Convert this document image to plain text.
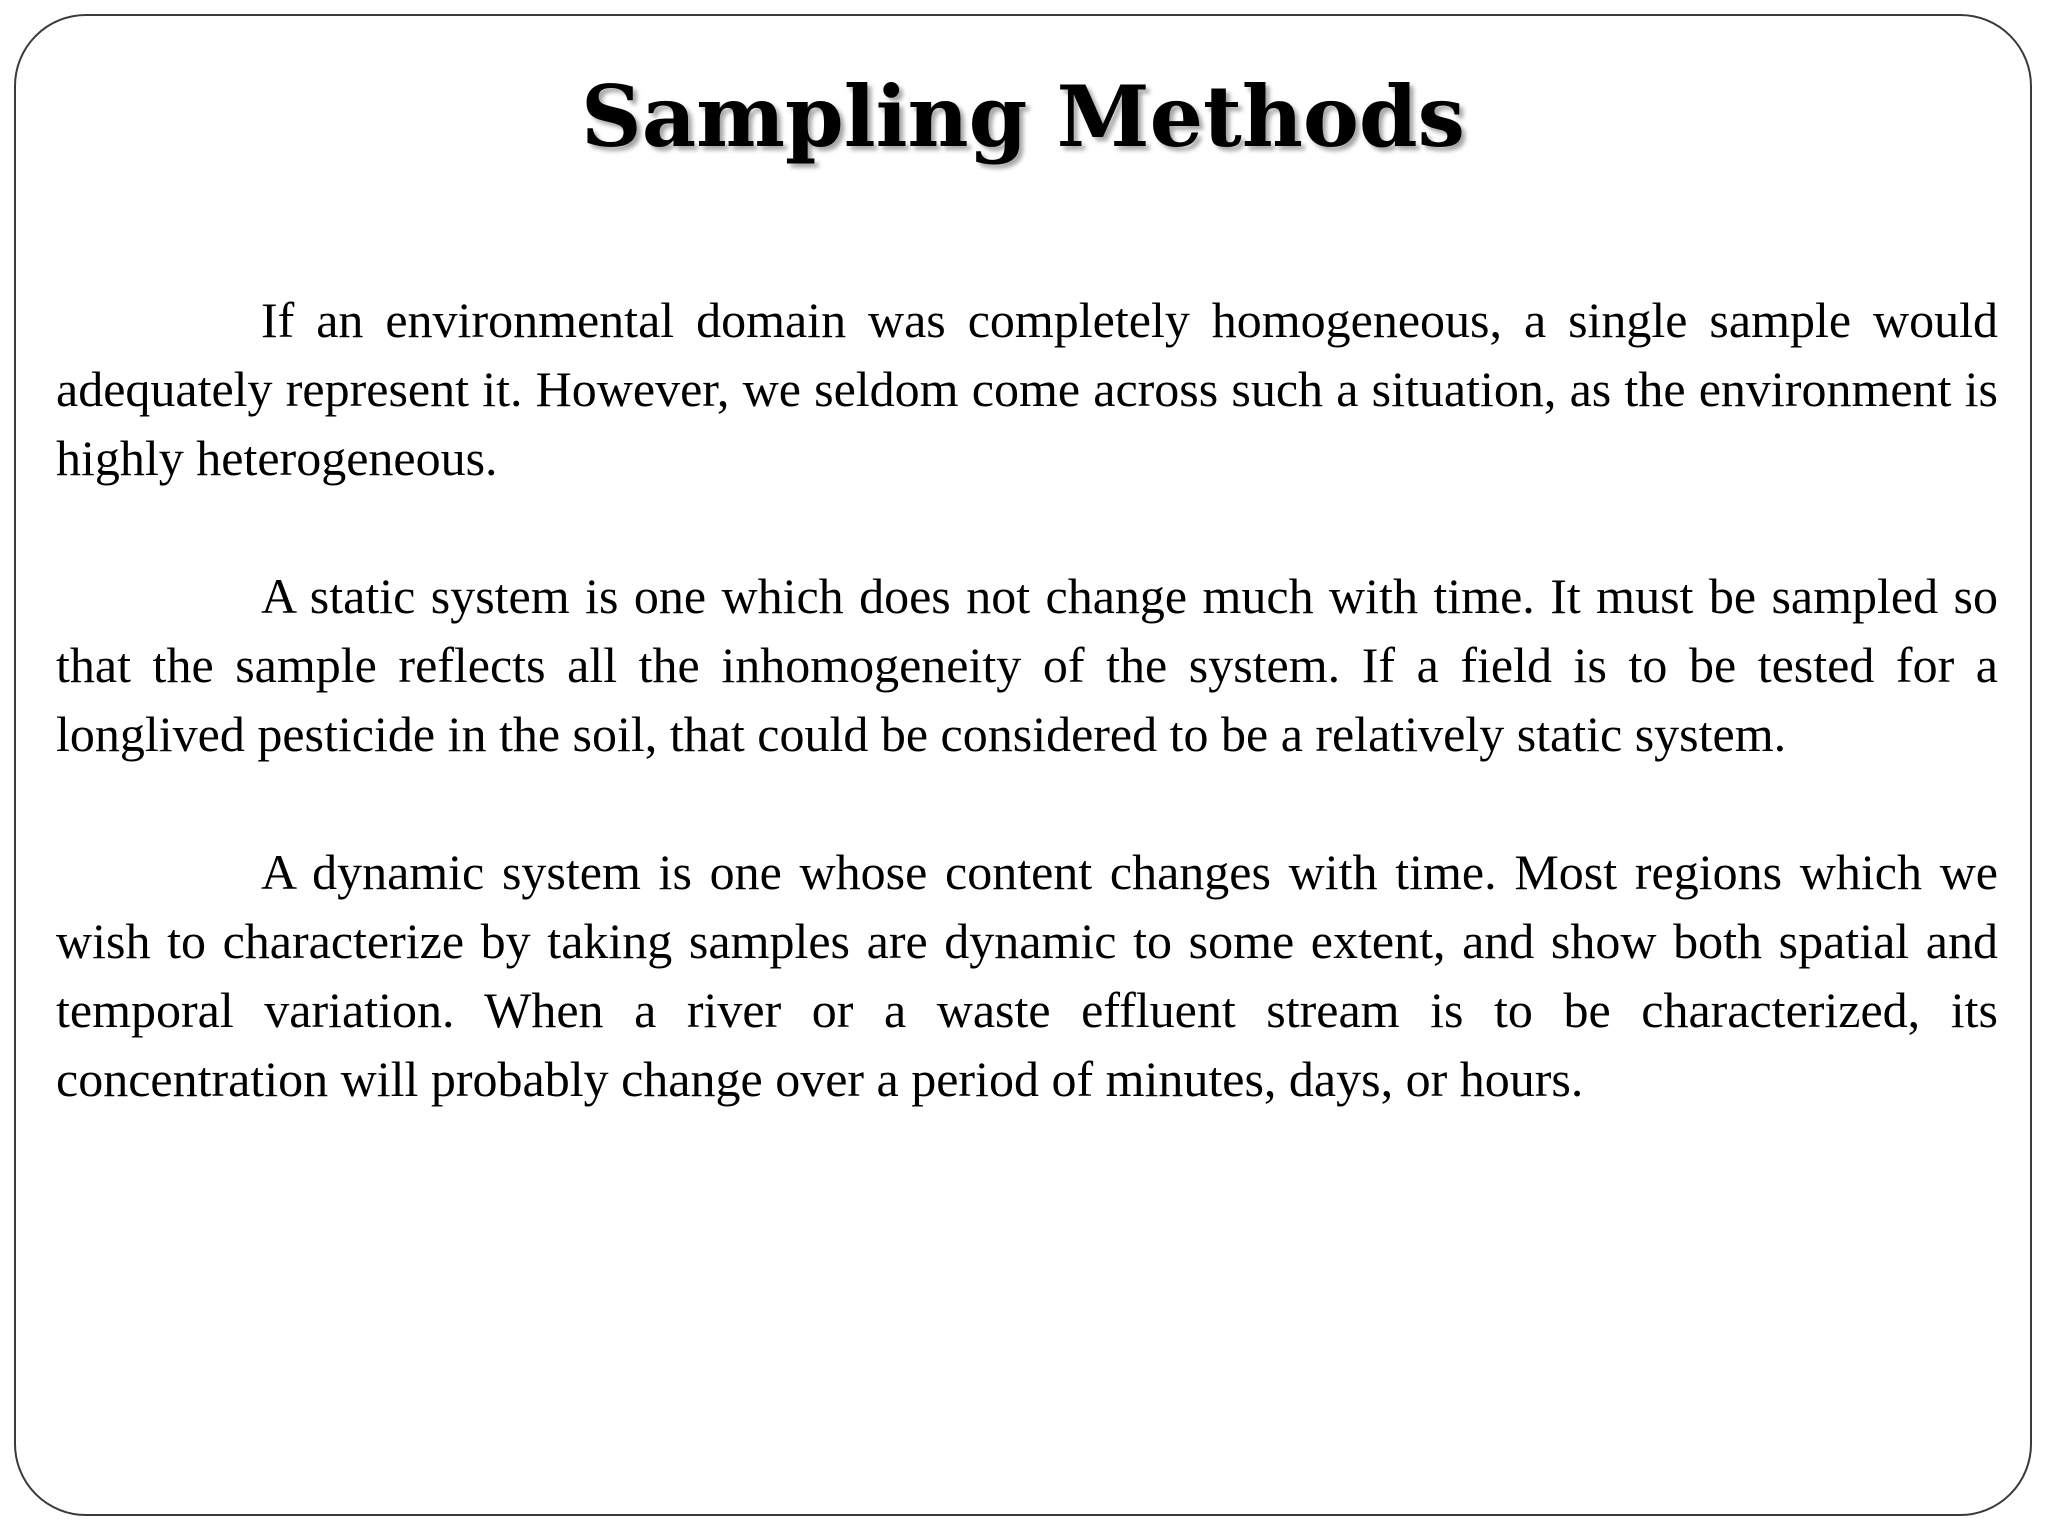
Sampling Methods

If an environmental domain was completely homogeneous, a single sample would adequately represent it. However, we seldom come across such a situation, as the environment is highly heterogeneous.

A static system is one which does not change much with time. It must be sampled so that the sample reflects all the inhomogeneity of the system. If a field is to be tested for a longlived pesticide in the soil, that could be considered to be a relatively static system.

A dynamic system is one whose content changes with time. Most regions which we wish to characterize by taking samples are dynamic to some extent, and show both spatial and temporal variation. When a river or a waste effluent stream is to be characterized, its concentration will probably change over a period of minutes, days, or hours.
